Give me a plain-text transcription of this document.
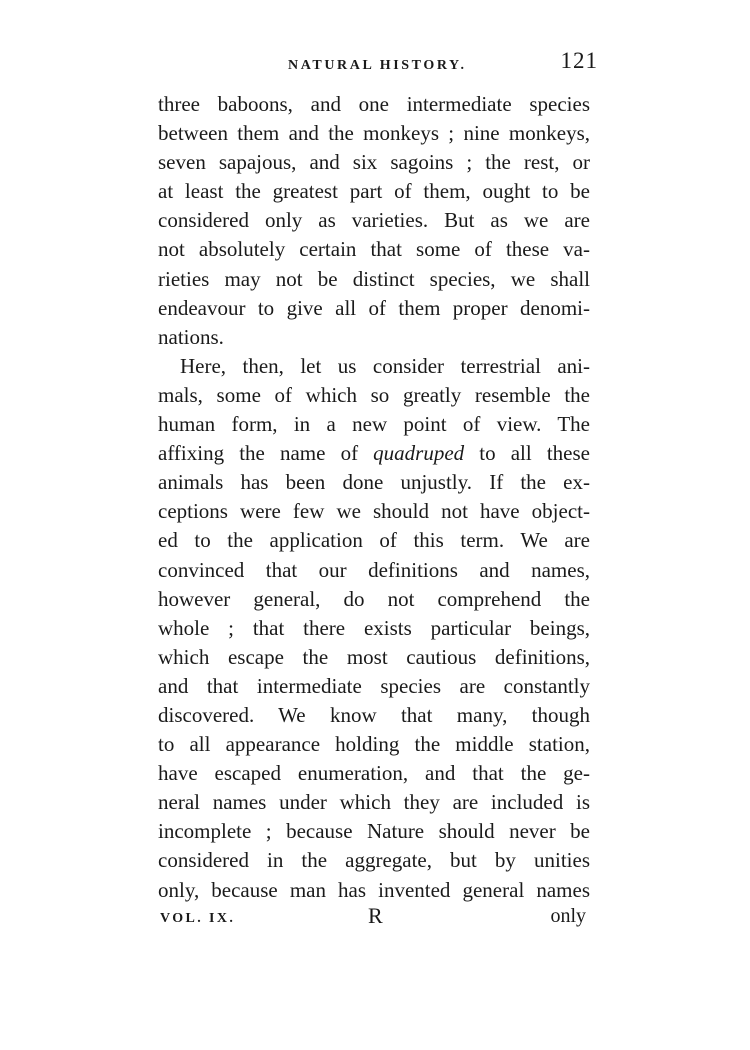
NATURAL HISTORY.	121
three baboons, and one intermediate species
between them and the monkeys ; nine monkeys,
seven sapajous, and six sagoins ; the rest, or
at least the greatest part of them, ought to be
considered only as varieties. But as we are
not absolutely certain that some of these va-
rieties may not be distinct species, we shall
endeavour to give all of them proper denomi-
nations.
Here, then, let us consider terrestrial ani-
mals, some of which so greatly resemble the
human form, in a new point of view. The
affixing the name of quadruped to all these
animals has been done unjustly. If the ex-
ceptions were few we should not have object-
ed to the application of this term. We are
convinced that our definitions and names,
however general, do not comprehend the
whole ; that there exists particular beings,
which escape the most cautious definitions,
and that intermediate species are constantly
discovered. We know that many, though
to all appearance holding the middle station,
have escaped enumeration, and that the ge-
neral names under which they are included is
incomplete ; because Nature should never be
considered in the aggregate, but by unities
only, because man has invented general names
VOL. IX.	R	only
